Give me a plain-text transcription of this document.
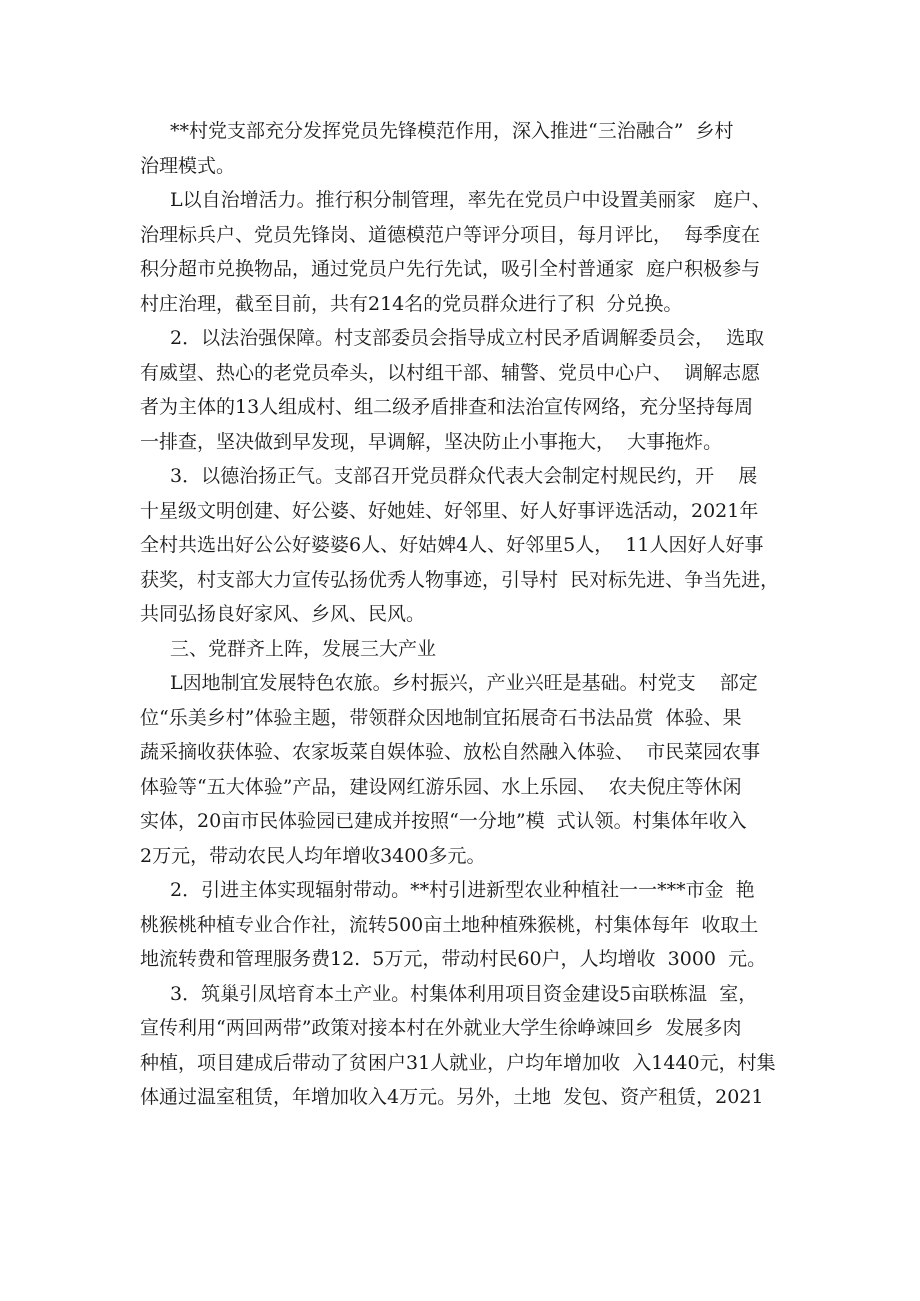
**村党支部充分发挥党员先锋模范作用，深入推进“三治融合”  乡村
治理模式。
L以自治增活力。推行积分制管理，率先在党员户中设置美丽家   庭户、
治理标兵户、党员先锋岗、道德模范户等评分项目，每月评比，  每季度在
积分超市兑换物品，通过党员户先行先试，吸引全村普通家  庭户积极参与
村庄治理，截至目前，共有214名的党员群众进行了积  分兑换。
2．以法治强保障。村支部委员会指导成立村民矛盾调解委员会，  选取
有威望、热心的老党员牵头，以村组干部、辅警、党员中心户、  调解志愿
者为主体的13人组成村、组二级矛盾排查和法治宣传网络，充分坚持每周
一排查，坚决做到早发现，早调解，坚决防止小事拖大，  大事拖炸。
3．以德治扬正气。支部召开党员群众代表大会制定村规民约，开    展
十星级文明创建、好公婆、好她娃、好邻里、好人好事评选活动，2021年
全村共选出好公公好婆婆6人、好姑婢4人、好邻里5人，  11人因好人好事
获奖，村支部大力宣传弘扬优秀人物事迹，引导村  民对标先进、争当先进，
共同弘扬良好家风、乡风、民风。
三、党群齐上阵，发展三大产业
L因地制宜发展特色农旅。乡村振兴，产业兴旺是基础。村党支    部定
位“乐美乡村”体验主题，带领群众因地制宜拓展奇石书法品赏  体验、果
蔬采摘收获体验、农家坂菜自娱体验、放松自然融入体验、  市民菜园农事
体验等“五大体验”产品，建设网红游乐园、水上乐园、  农夫倪庄等休闲
实体，20亩市民体验园已建成并按照“一分地”模  式认领。村集体年收入
2万元，带动农民人均年增收3400多元。
2．引进主体实现辐射带动。**村引进新型农业种植社一一***市金  艳
桃猴桃种植专业合作社，流转500亩土地种植殊猴桃，村集体每年  收取土
地流转费和管理服务费12.  5万元，带动村民60户，人均增收  3000  元。
3．筑巢引凤培育本土产业。村集体利用项目资金建设5亩联栋温  室，
宣传利用“两回两带”政策对接本村在外就业大学生徐峥竦回乡  发展多肉
种植，项目建成后带动了贫困户31人就业，户均年增加收  入1440元，村集
体通过温室租赁，年增加收入4万元。另外，土地  发包、资产租赁，2021
